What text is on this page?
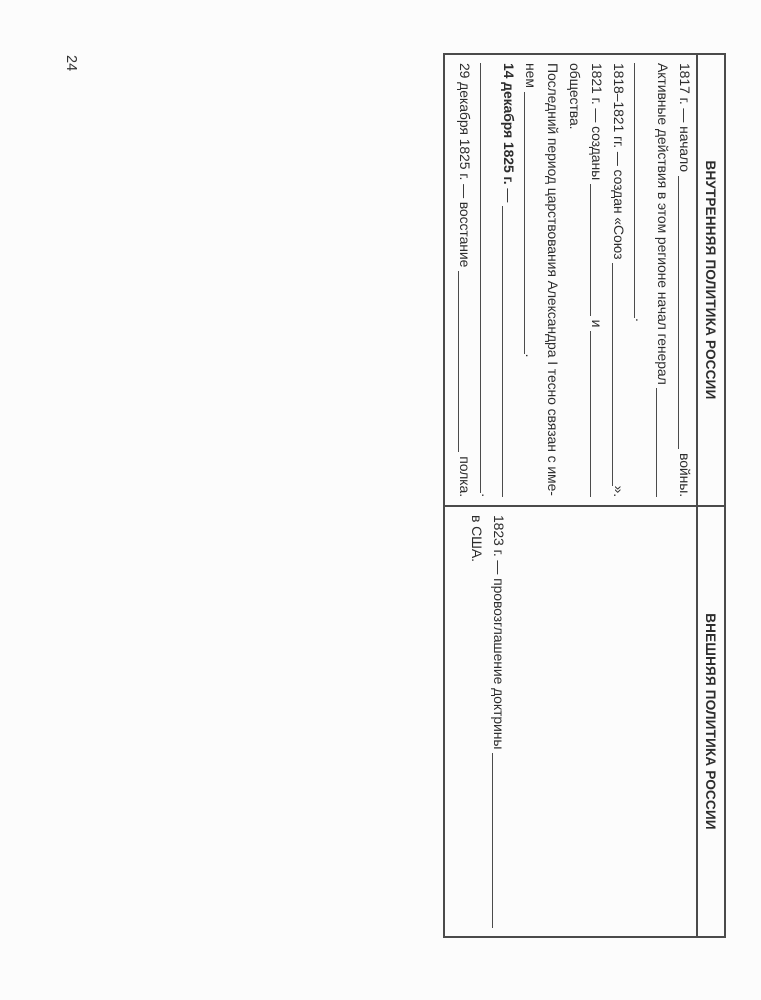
24
ВНУТРЕННЯЯ ПОЛИТИКА РОССИИ
ВНЕШНЯЯ ПОЛИТИКА РОССИИ
1817 г. — начало
войны.
Активные действия в этом регионе начал генерал
.
1818–1821 гг. — создан «Союз
».
1821 г. — созданы
и
общества.
Последний период царствования Александра I тесно связан с име-
нем
.
14 декабря 1825 г.
—
.
29 декабря 1825 г. — восстание
полка.
1823 г. — провозглашение доктрины
в США.
